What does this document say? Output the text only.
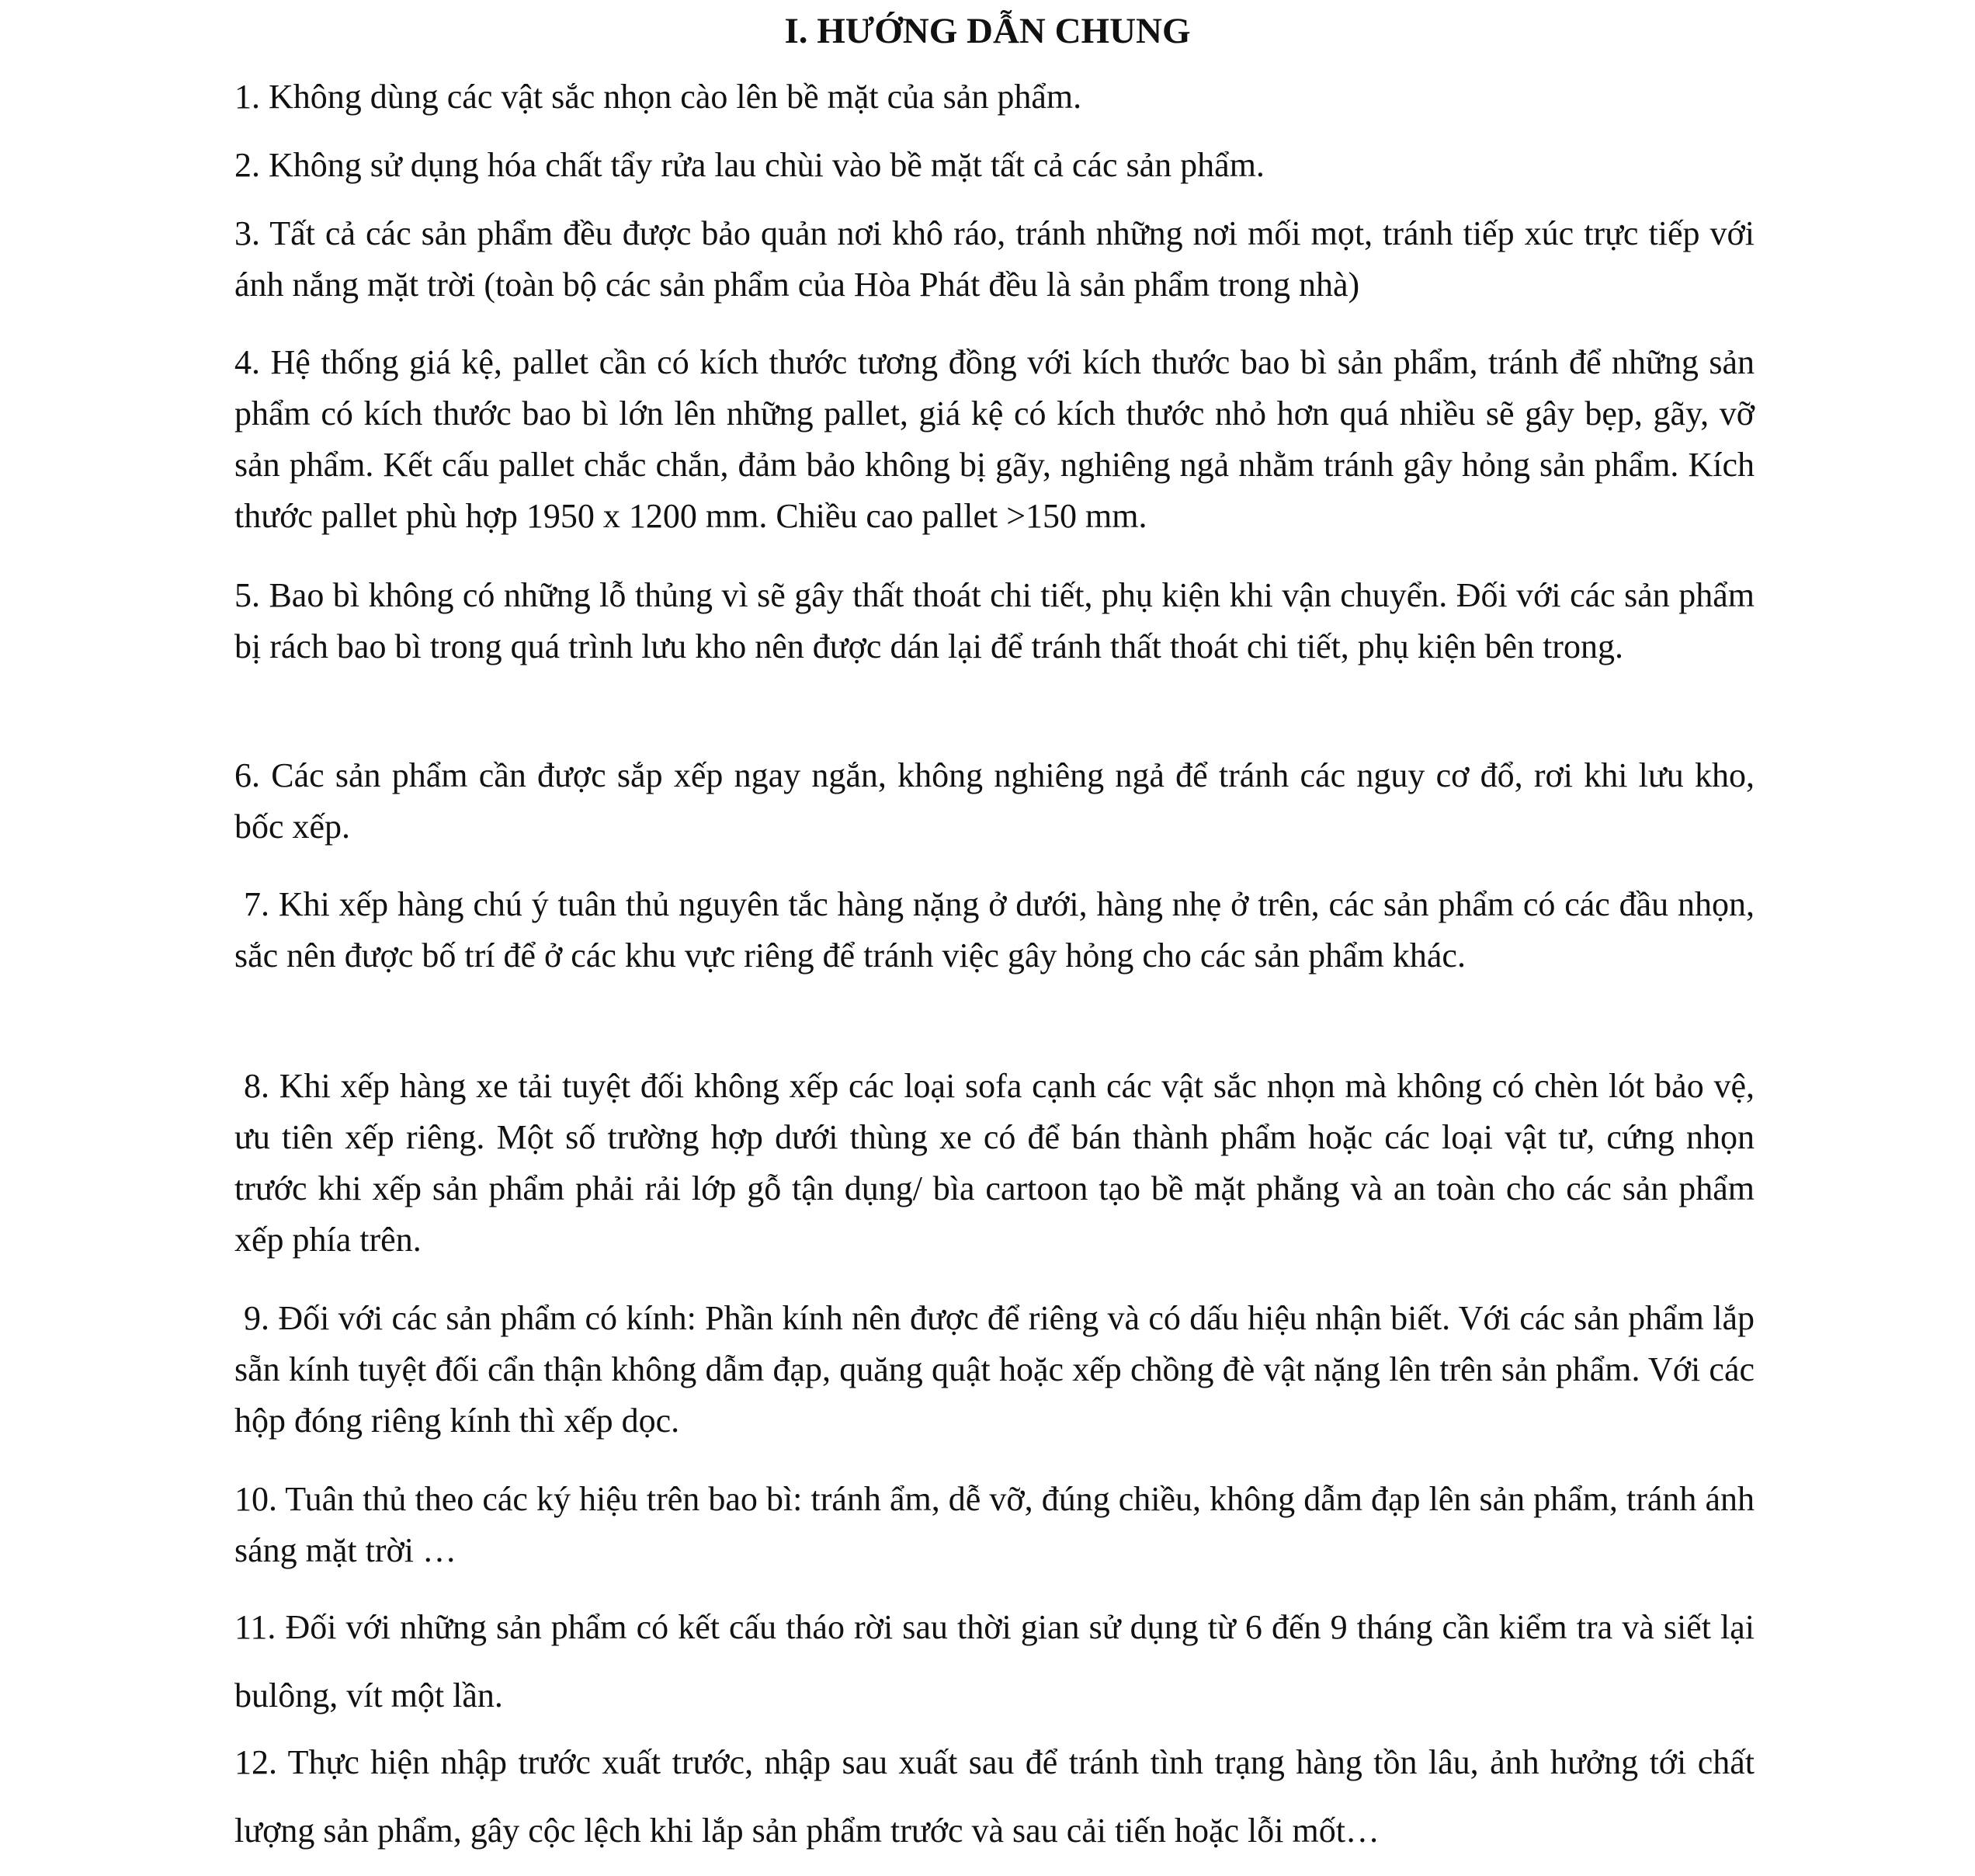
I. HƯỚNG DẪN CHUNG

1. Không dùng các vật sắc nhọn cào lên bề mặt của sản phẩm.

2. Không sử dụng hóa chất tẩy rửa lau chùi vào bề mặt tất cả các sản phẩm.

3. Tất cả các sản phẩm đều được bảo quản nơi khô ráo, tránh những nơi mối mọt, tránh tiếp xúc trực tiếp với ánh nắng mặt trời (toàn bộ các sản phẩm của Hòa Phát đều là sản phẩm trong nhà)

4. Hệ thống giá kệ, pallet cần có kích thước tương đồng với kích thước bao bì sản phẩm, tránh để những sản phẩm có kích thước bao bì lớn lên những pallet, giá kệ có kích thước nhỏ hơn quá nhiều sẽ gây bẹp, gãy, vỡ sản phẩm. Kết cấu pallet chắc chắn, đảm bảo không bị gãy, nghiêng ngả nhằm tránh gây hỏng sản phẩm. Kích thước pallet phù hợp 1950 x 1200 mm. Chiều cao pallet >150 mm.

5. Bao bì không có những lỗ thủng vì sẽ gây thất thoát chi tiết, phụ kiện khi vận chuyển. Đối với các sản phẩm bị rách bao bì trong quá trình lưu kho nên được dán lại để tránh thất thoát chi tiết, phụ kiện bên trong.

6. Các sản phẩm cần được sắp xếp ngay ngắn, không nghiêng ngả để tránh các nguy cơ đổ, rơi khi lưu kho, bốc xếp.

7. Khi xếp hàng chú ý tuân thủ nguyên tắc hàng nặng ở dưới, hàng nhẹ ở trên, các sản phẩm có các đầu nhọn, sắc nên được bố trí để ở các khu vực riêng để tránh việc gây hỏng cho các sản phẩm khác.

8. Khi xếp hàng xe tải tuyệt đối không xếp các loại sofa cạnh các vật sắc nhọn mà không có chèn lót bảo vệ, ưu tiên xếp riêng. Một số trường hợp dưới thùng xe có để bán thành phẩm hoặc các loại vật tư, cứng nhọn trước khi xếp sản phẩm phải rải lớp gỗ tận dụng/ bìa cartoon tạo bề mặt phẳng và an toàn cho các sản phẩm xếp phía trên.

9. Đối với các sản phẩm có kính: Phần kính nên được để riêng và có dấu hiệu nhận biết. Với các sản phẩm lắp sẵn kính tuyệt đối cẩn thận không dẫm đạp, quăng quật hoặc xếp chồng đè vật nặng lên trên sản phẩm. Với các hộp đóng riêng kính thì xếp dọc.

10. Tuân thủ theo các ký hiệu trên bao bì: tránh ẩm, dễ vỡ, đúng chiều, không dẫm đạp lên sản phẩm, tránh ánh sáng mặt trời …

11. Đối với những sản phẩm có kết cấu tháo rời sau thời gian sử dụng từ 6 đến 9 tháng cần kiểm tra và siết lại bulông, vít một lần.

12. Thực hiện nhập trước xuất trước, nhập sau xuất sau để tránh tình trạng hàng tồn lâu, ảnh hưởng tới chất lượng sản phẩm, gây cộc lệch khi lắp sản phẩm trước và sau cải tiến hoặc lỗi mốt…
